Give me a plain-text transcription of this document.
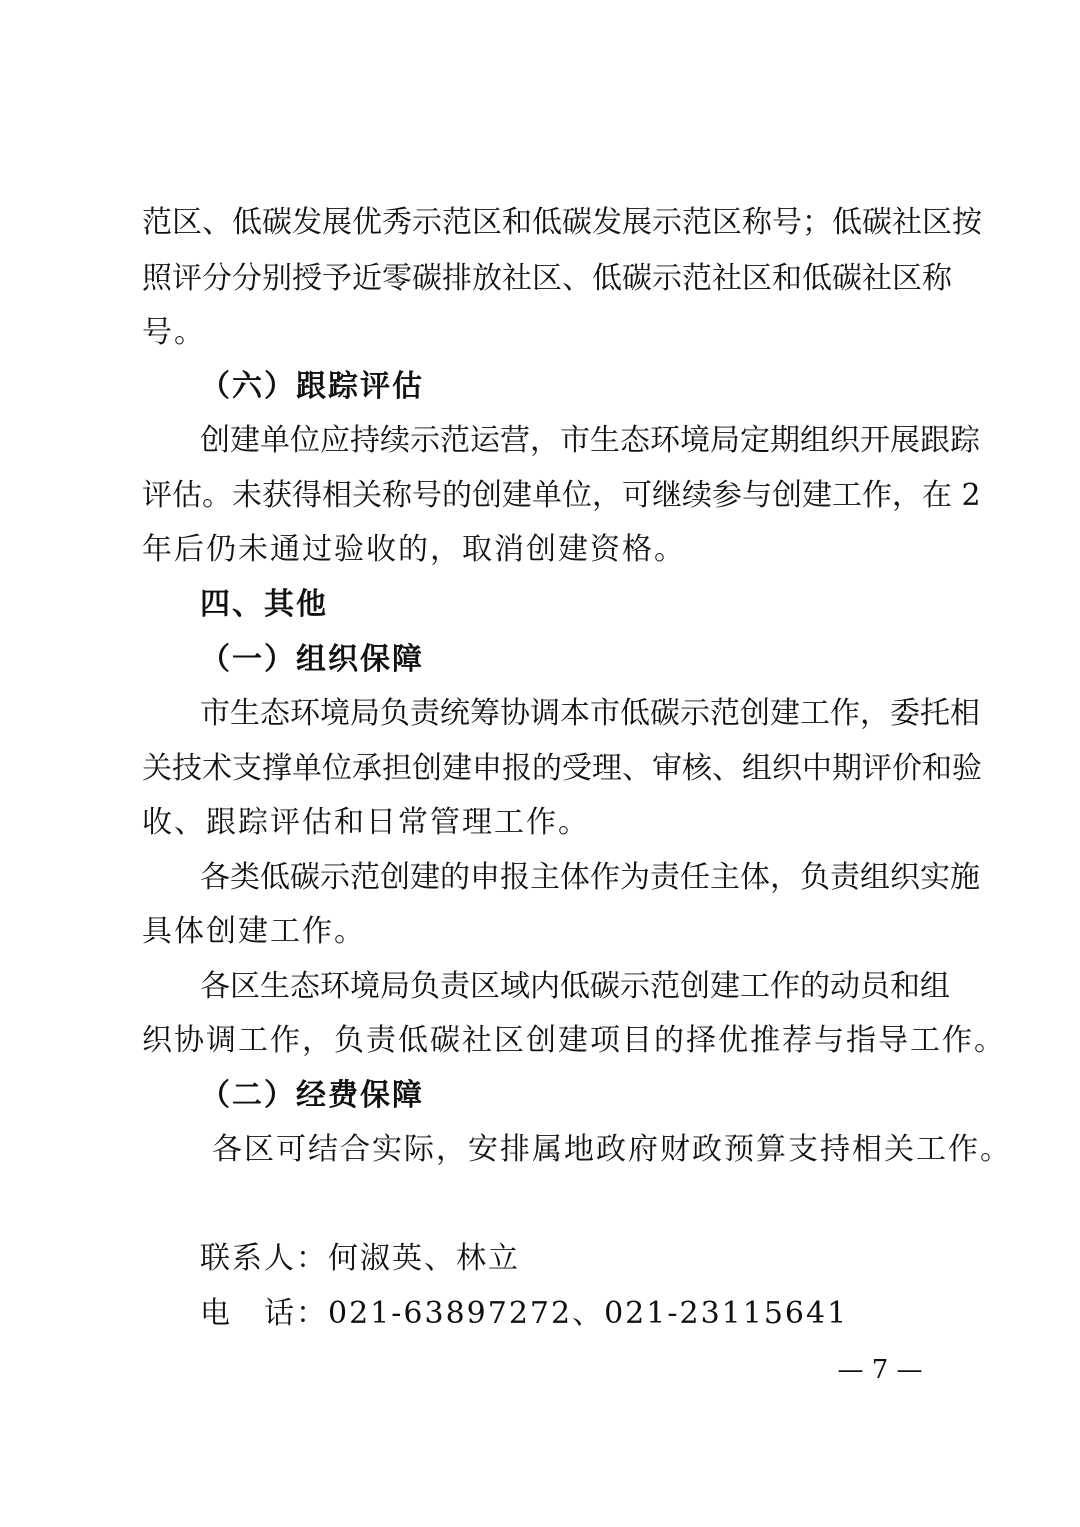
范区、低碳发展优秀示范区和低碳发展示范区称号；低碳社区按
照评分分别授予近零碳排放社区、低碳示范社区和低碳社区称
号。
（六）跟踪评估
创建单位应持续示范运营，市生态环境局定期组织开展跟踪
评估。未获得相关称号的创建单位，可继续参与创建工作，在 2
年后仍未通过验收的，取消创建资格。
四、其他
（一）组织保障
市生态环境局负责统筹协调本市低碳示范创建工作，委托相
关技术支撑单位承担创建申报的受理、审核、组织中期评价和验
收、跟踪评估和日常管理工作。
各类低碳示范创建的申报主体作为责任主体，负责组织实施
具体创建工作。
各区生态环境局负责区域内低碳示范创建工作的动员和组
织协调工作，负责低碳社区创建项目的择优推荐与指导工作。
（二）经费保障
各区可结合实际，安排属地政府财政预算支持相关工作。
联系人：何淑英、林立
电　话：021-63897272、021-23115641
— 7 —
